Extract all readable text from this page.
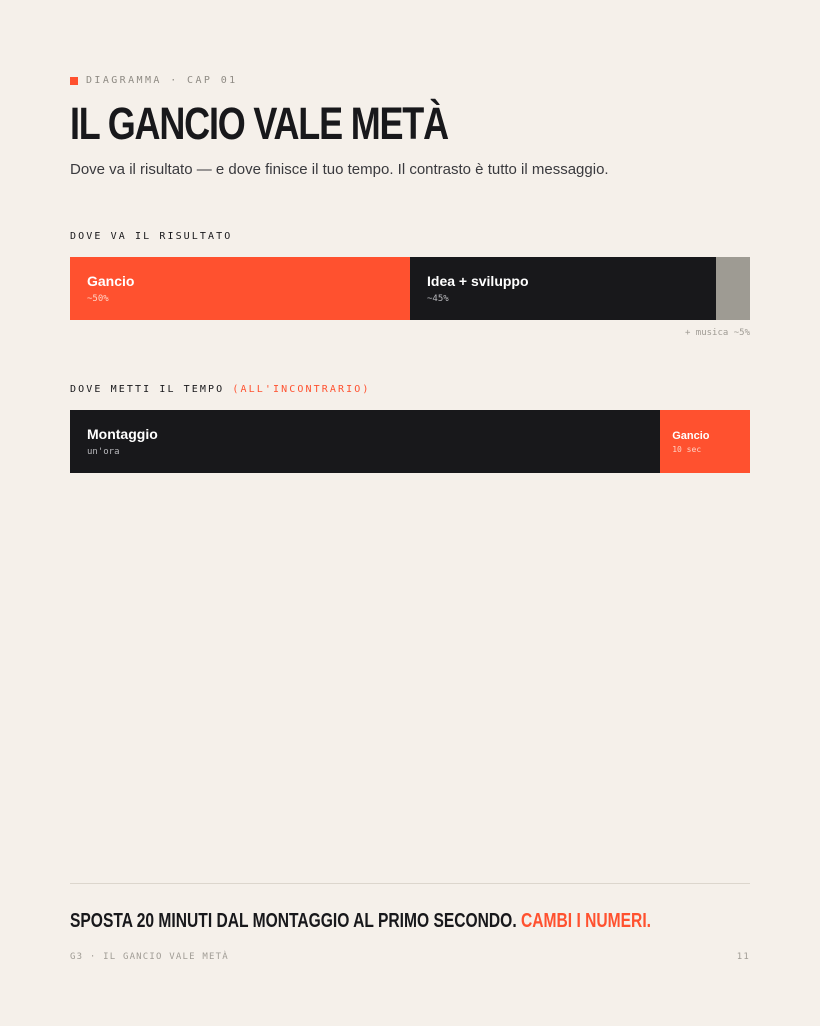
DIAGRAMMA · CAP 01
IL GANCIO VALE METÀ

Dove va il risultato — e dove finisce il tuo tempo. Il contrasto è tutto il messaggio.

DOVE VA IL RISULTATO
Gancio
~50%
Idea + sviluppo
~45%
+ musica ~5%
DOVE METTI IL TEMPO (ALL'INCONTRARIO)
Montaggio
un'ora
Gancio
10 sec

SPOSTA 20 MINUTI DAL MONTAGGIO AL PRIMO SECONDO. CAMBI I NUMERI.

G3 · IL GANCIO VALE METÀ	11
